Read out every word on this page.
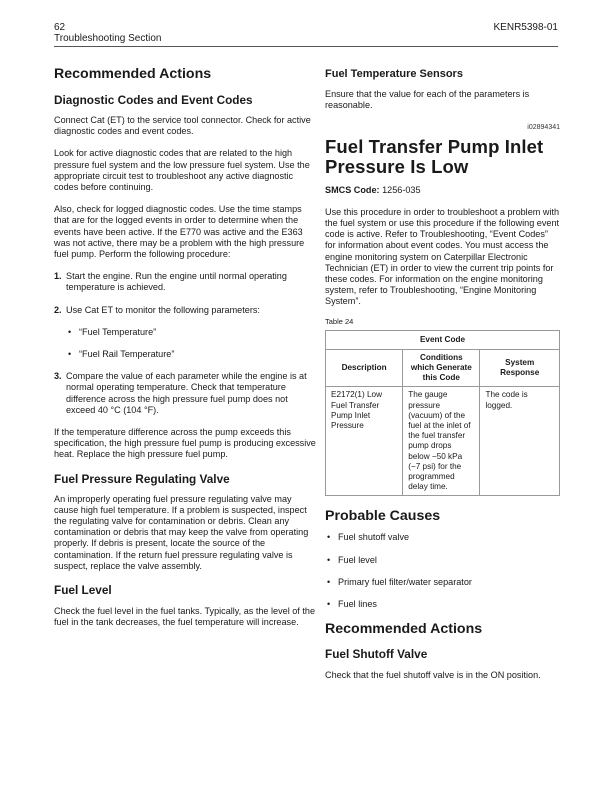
62
Troubleshooting Section
KENR5398-01
Recommended Actions
Diagnostic Codes and Event Codes

Connect Cat (ET) to the service tool connector. Check for active diagnostic codes and event codes.

Look for active diagnostic codes that are related to the high pressure fuel system and the low pressure fuel system. Use the appropriate circuit test to troubleshoot any active diagnostic codes before continuing.

Also, check for logged diagnostic codes. Use the time stamps that are for the logged events in order to determine when the events have been active. If the E770 was active and the E363 was not active, there may be a problem with the high pressure fuel pump. Perform the following procedure:

1. Start the engine. Run the engine until normal operating temperature is achieved.
2. Use Cat ET to monitor the following parameters:
• “Fuel Temperature”
• “Fuel Rail Temperature”
3. Compare the value of each parameter while the engine is at normal operating temperature. Check that temperature difference across the high pressure fuel pump does not exceed 40 °C (104 °F).

If the temperature difference across the pump exceeds this specification, the high pressure fuel pump is producing excessive heat. Replace the high pressure fuel pump.

Fuel Pressure Regulating Valve

An improperly operating fuel pressure regulating valve may cause high fuel temperature. If a problem is suspected, inspect the regulating valve for contamination or debris. Clean any contamination or debris that may keep the valve from operating properly. If debris is present, locate the source of the contamination. If the return fuel pressure regulating valve is suspect, replace the valve assembly.

Fuel Level

Check the fuel level in the fuel tanks. Typically, as the level of the fuel in the tank decreases, the fuel temperature will increase.

Fuel Temperature Sensors

Ensure that the value for each of the parameters is reasonable.

i02894341

Fuel Transfer Pump Inlet Pressure Is Low

SMCS Code: 1256-035

Use this procedure in order to troubleshoot a problem with the fuel system or use this procedure if the following event code is active. Refer to Troubleshooting, “Event Codes” for information about event codes. You must access the engine monitoring system on Caterpillar Electronic Technician (ET) in order to view the current trip points for these codes. For information on the engine monitoring system, refer to Troubleshooting, “Engine Monitoring System”.

Table 24
Event Code		
Description	Conditions which Generate this Code	System Response
E2172(1) Low Fuel Transfer Pump Inlet Pressure	The gauge pressure (vacuum) of the fuel at the inlet of the fuel transfer pump drops below −50 kPa (−7 psi) for the programmed delay time.	The code is logged.
Probable Causes
• Fuel shutoff valve
• Fuel level
• Primary fuel filter/water separator
• Fuel lines
Recommended Actions
Fuel Shutoff Valve

Check that the fuel shutoff valve is in the ON position.
